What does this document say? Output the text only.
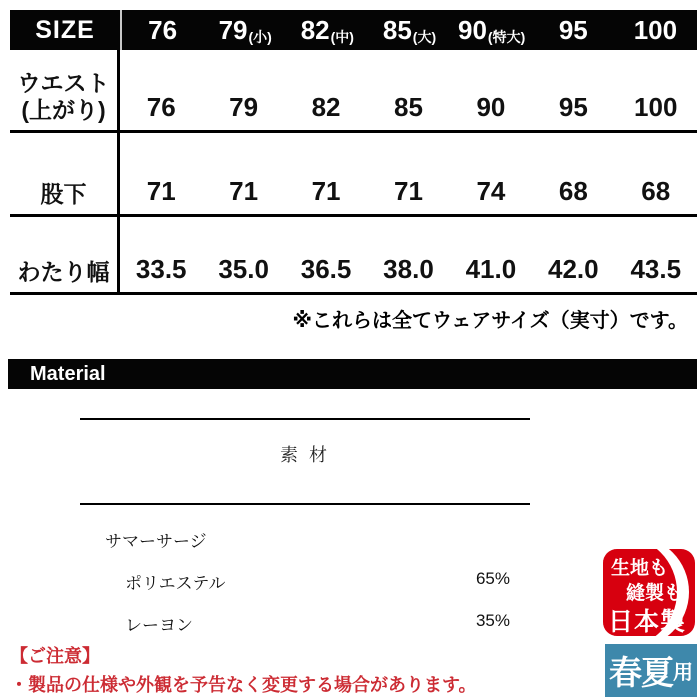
SIZE	76 79 (小) 82 (中) 85 (大) 90 (特大) 95 100
ウエスト
(上がり)	76	79	82	85	90	95	100
股下	71	71	71	71	74	68	68
わたり幅	33.5	35.0	36.5	38.0	41.0	42.0	43.5
※これらは全てウェアサイズ（実寸）です。
Material
素 材
サマーサージ
ポリエステル	65%
レーヨン	35%
生地も
縫製も
日本製
春夏 用
【ご注意】
・製品の仕様や外観を予告なく変更する場合があります。
